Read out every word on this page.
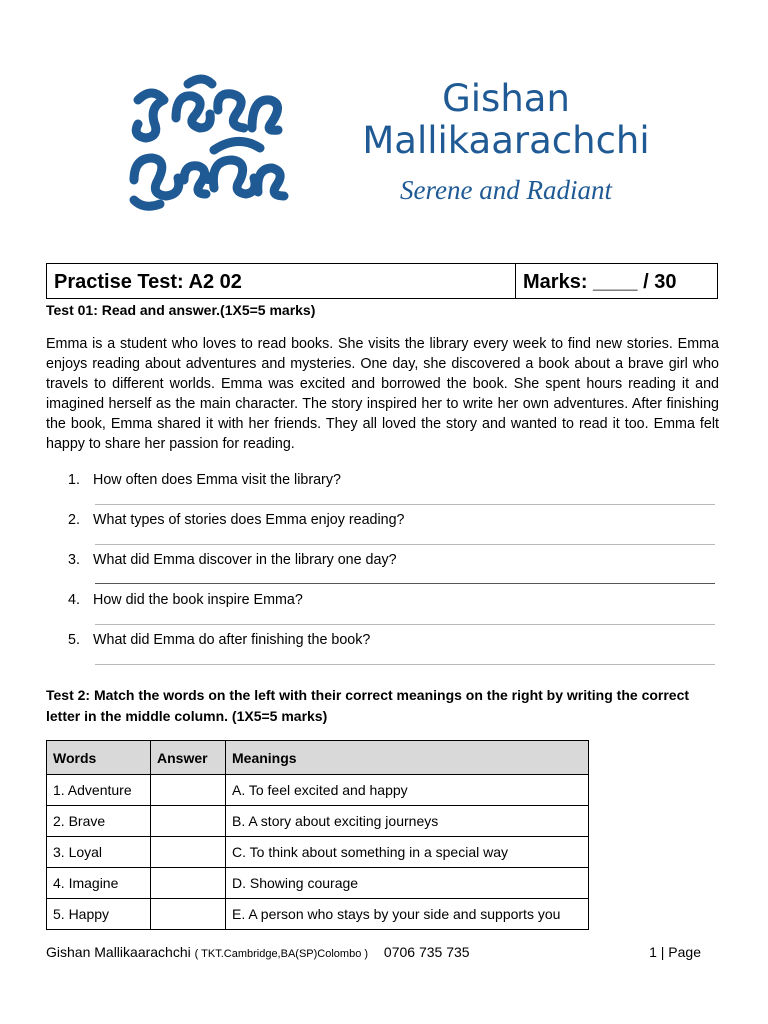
Gishan
Mallikaarachchi
Serene and Radiant
Practise Test: A2 02	Marks: ____ / 30
Test 01: Read and answer.(1X5=5 marks)

Emma is a student who loves to read books. She visits the library every week to find new stories. Emma enjoys reading about adventures and mysteries. One day, she discovered a book about a brave girl who travels to different worlds. Emma was excited and borrowed the book. She spent hours reading it and imagined herself as the main character. The story inspired her to write her own adventures. After finishing the book, Emma shared it with her friends. They all loved the story and wanted to read it too. Emma felt happy to share her passion for reading.

1. How often does Emma visit the library?
2. What types of stories does Emma enjoy reading?
3. What did Emma discover in the library one day?
4. How did the book inspire Emma?
5. What did Emma do after finishing the book?
Test 2: Match the words on the left with their correct meanings on the right by writing the correct letter in the middle column. (1X5=5 marks)
Words	Answer	Meanings
1. Adventure		A. To feel excited and happy
2. Brave		B. A story about exciting journeys
3. Loyal		C. To think about something in a special way
4. Imagine		D. Showing courage
5. Happy		E. A person who stays by your side and supports you
Gishan Mallikaarachchi ( TKT.Cambridge,BA(SP)Colombo ) 0706 735 735	1 | Page
